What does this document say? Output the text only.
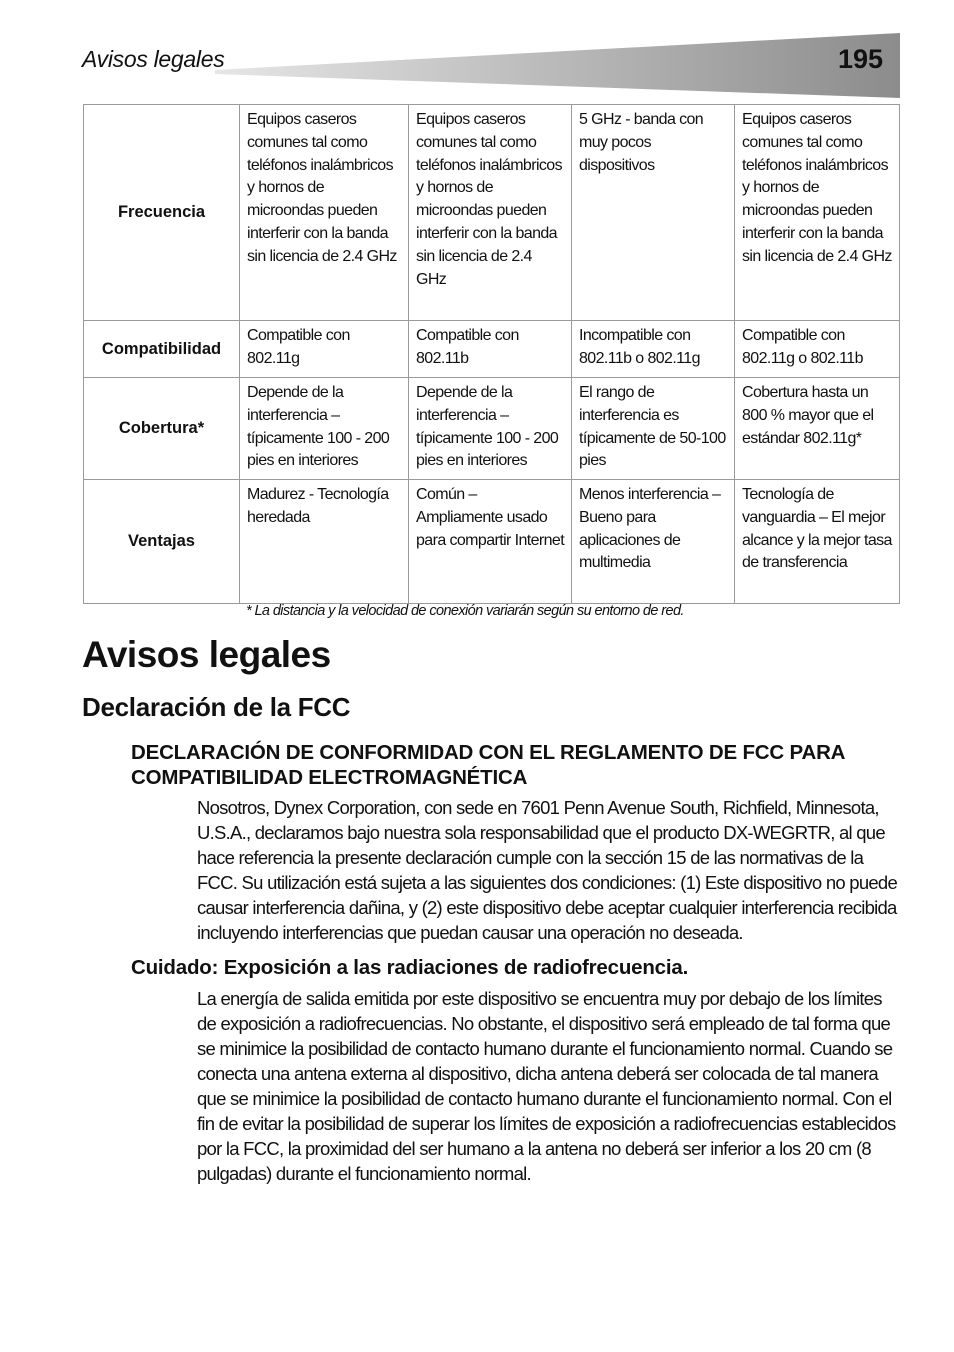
Avisos legales	195
Frecuencia	Equipos caseros comunes tal como teléfonos inalámbricos y hornos de microondas pueden interferir con la banda sin licencia de 2.4 GHz	Equipos caseros comunes tal como teléfonos inalámbricos y hornos de microondas pueden interferir con la banda sin licencia de 2.4 GHz	5 GHz - banda con muy pocos dispositivos	Equipos caseros comunes tal como teléfonos inalámbricos y hornos de microondas pueden interferir con la banda sin licencia de 2.4 GHz
Compatibilidad	Compatible con 802.11g	Compatible con 802.11b	Incompatible con 802.11b o 802.11g	Compatible con 802.11g o 802.11b
Cobertura*	Depende de la interferencia – típicamente 100 - 200 pies en interiores	Depende de la interferencia – típicamente 100 - 200 pies en interiores	El rango de interferencia es típicamente de 50-100 pies	Cobertura hasta un 800 % mayor que el estándar 802.11g*
Ventajas	Madurez - Tecnología heredada	Común – Ampliamente usado para compartir Internet	Menos interferencia – Bueno para aplicaciones de multimedia	Tecnología de vanguardia – El mejor alcance y la mejor tasa de transferencia
* La distancia y la velocidad de conexión variarán según su entorno de red.
Avisos legales
Declaración de la FCC

DECLARACIÓN DE CONFORMIDAD CON EL REGLAMENTO DE FCC PARA COMPATIBILIDAD ELECTROMAGNÉTICA

Nosotros, Dynex Corporation, con sede en 7601 Penn Avenue South, Richfield, Minnesota, U.S.A., declaramos bajo nuestra sola responsabilidad que el producto DX-WEGRTR, al que hace referencia la presente declaración cumple con la sección 15 de las normativas de la FCC. Su utilización está sujeta a las siguientes dos condiciones: (1) Este dispositivo no puede causar interferencia dañina, y (2) este dispositivo debe aceptar cualquier interferencia recibida incluyendo interferencias que puedan causar una operación no deseada.

Cuidado: Exposición a las radiaciones de radiofrecuencia.

La energía de salida emitida por este dispositivo se encuentra muy por debajo de los límites de exposición a radiofrecuencias. No obstante, el dispositivo será empleado de tal forma que se minimice la posibilidad de contacto humano durante el funcionamiento normal. Cuando se conecta una antena externa al dispositivo, dicha antena deberá ser colocada de tal manera que se minimice la posibilidad de contacto humano durante el funcionamiento normal. Con el fin de evitar la posibilidad de superar los límites de exposición a radiofrecuencias establecidos por la FCC, la proximidad del ser humano a la antena no deberá ser inferior a los 20 cm (8 pulgadas) durante el funcionamiento normal.
